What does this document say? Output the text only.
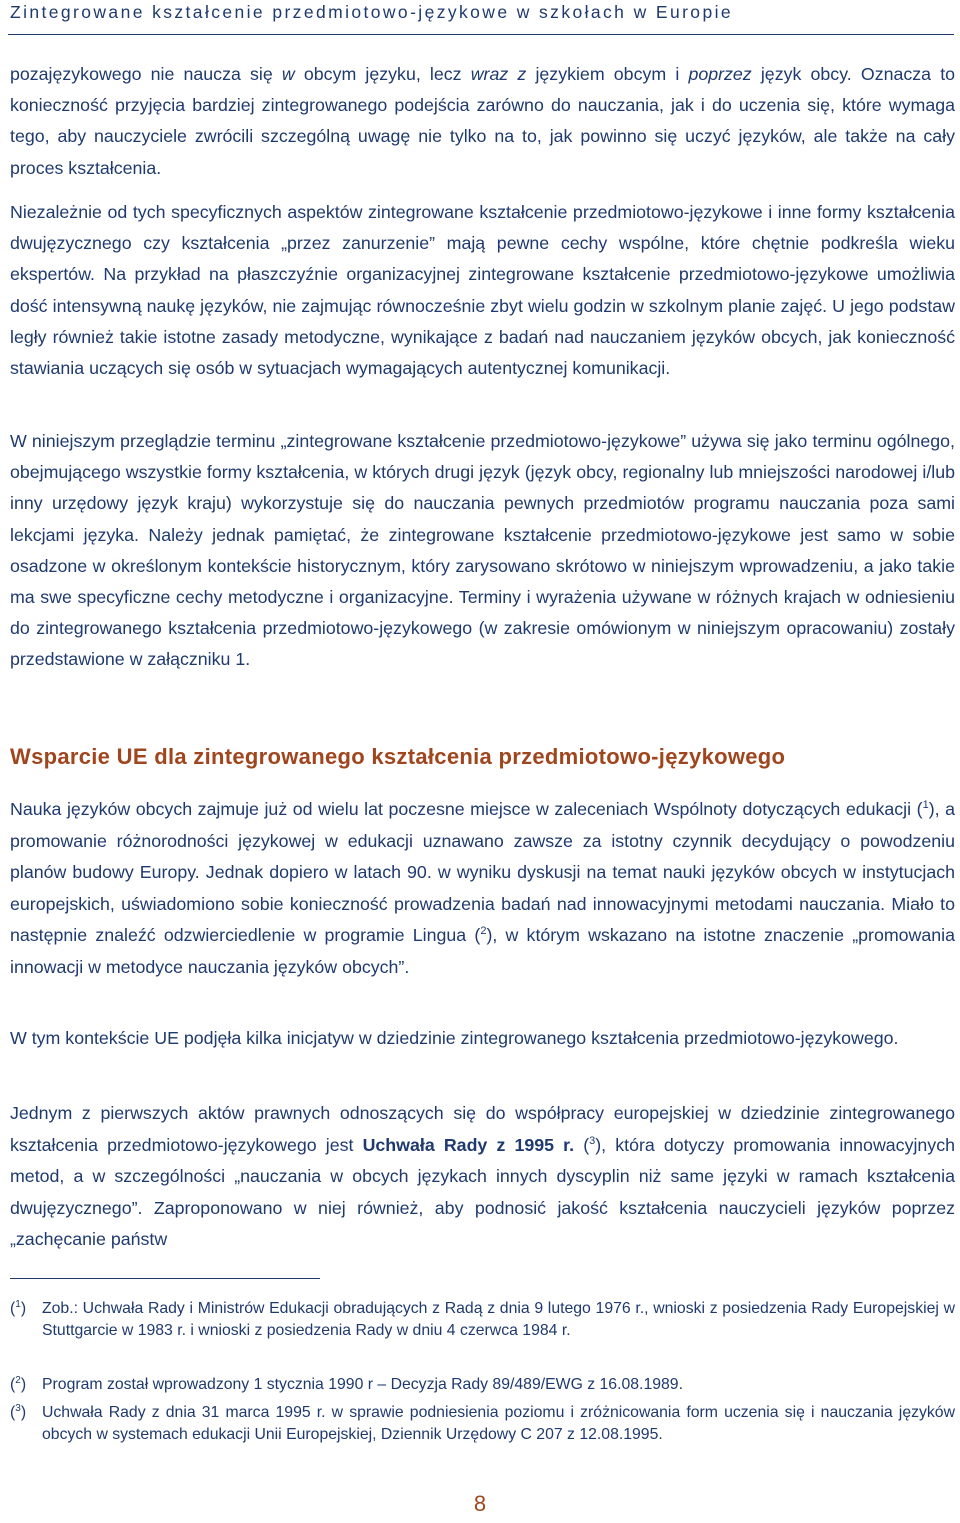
Zintegrowane kształcenie przedmiotowo-językowe w szkołach w Europie

pozajęzykowego nie naucza się w obcym języku, lecz wraz z językiem obcym i poprzez język obcy. Oznacza to konieczność przyjęcia bardziej zintegrowanego podejścia zarówno do nauczania, jak i do uczenia się, które wymaga tego, aby nauczyciele zwrócili szczególną uwagę nie tylko na to, jak powinno się uczyć języków, ale także na cały proces kształcenia.

Niezależnie od tych specyficznych aspektów zintegrowane kształcenie przedmiotowo-językowe i inne formy kształcenia dwujęzycznego czy kształcenia „przez zanurzenie” mają pewne cechy wspólne, które chętnie podkreśla wieku ekspertów. Na przykład na płaszczyźnie organizacyjnej zintegrowane kształcenie przedmiotowo-językowe umożliwia dość intensywną naukę języków, nie zajmując równocześnie zbyt wielu godzin w szkolnym planie zajęć. U jego podstaw legły również takie istotne zasady metodyczne, wynikające z badań nad nauczaniem języków obcych, jak konieczność stawiania uczących się osób w sytuacjach wymagających autentycznej komunikacji.

W niniejszym przeglądzie terminu „zintegrowane kształcenie przedmiotowo-językowe” używa się jako terminu ogólnego, obejmującego wszystkie formy kształcenia, w których drugi język (język obcy, regionalny lub mniejszości narodowej i/lub inny urzędowy język kraju) wykorzystuje się do nauczania pewnych przedmiotów programu nauczania poza sami lekcjami języka. Należy jednak pamiętać, że zintegrowane kształcenie przedmiotowo-językowe jest samo w sobie osadzone w określonym kontekście historycznym, który zarysowano skrótowo w niniejszym wprowadzeniu, a jako takie ma swe specyficzne cechy metodyczne i organizacyjne. Terminy i wyrażenia używane w różnych krajach w odniesieniu do zintegrowanego kształcenia przedmiotowo-językowego (w zakresie omówionym w niniejszym opracowaniu) zostały przedstawione w załączniku 1.

Wsparcie UE dla zintegrowanego kształcenia przedmiotowo-językowego

Nauka języków obcych zajmuje już od wielu lat poczesne miejsce w zaleceniach Wspólnoty dotyczących edukacji ($^1$), a promowanie różnorodności językowej w edukacji uznawano zawsze za istotny czynnik decydujący o powodzeniu planów budowy Europy. Jednak dopiero w latach 90. w wyniku dyskusji na temat nauki języków obcych w instytucjach europejskich, uświadomiono sobie konieczność prowadzenia badań nad innowacyjnymi metodami nauczania. Miało to następnie znaleźć odzwierciedlenie w programie Lingua ($^2$), w którym wskazano na istotne znaczenie „promowania innowacji w metodyce nauczania języków obcych”.

W tym kontekście UE podjęła kilka inicjatyw w dziedzinie zintegrowanego kształcenia przedmiotowo-językowego.

Jednym z pierwszych aktów prawnych odnoszących się do współpracy europejskiej w dziedzinie zintegrowanego kształcenia przedmiotowo-językowego jest Uchwała Rady z 1995 r. ($^3$), która dotyczy promowania innowacyjnych metod, a w szczególności „nauczania w obcych językach innych dyscyplin niż same języki w ramach kształcenia dwujęzycznego”. Zaproponowano w niej również, aby podnosić jakość kształcenia nauczycieli języków poprzez „zachęcanie państw

($^1$)	Zob.: Uchwała Rady i Ministrów Edukacji obradujących z Radą z dnia 9 lutego 1976 r., wnioski z posiedzenia Rady Europejskiej w Stuttgarcie w 1983 r. i wnioski z posiedzenia Rady w dniu 4 czerwca 1984 r.
($^2$)	Program został wprowadzony 1 stycznia 1990 r – Decyzja Rady 89/489/EWG z 16.08.1989.
($^3$)	Uchwała Rady z dnia 31 marca 1995 r. w sprawie podniesienia poziomu i zróżnicowania form uczenia się i nauczania języków obcych w systemach edukacji Unii Europejskiej, Dziennik Urzędowy C 207 z 12.08.1995.
8
